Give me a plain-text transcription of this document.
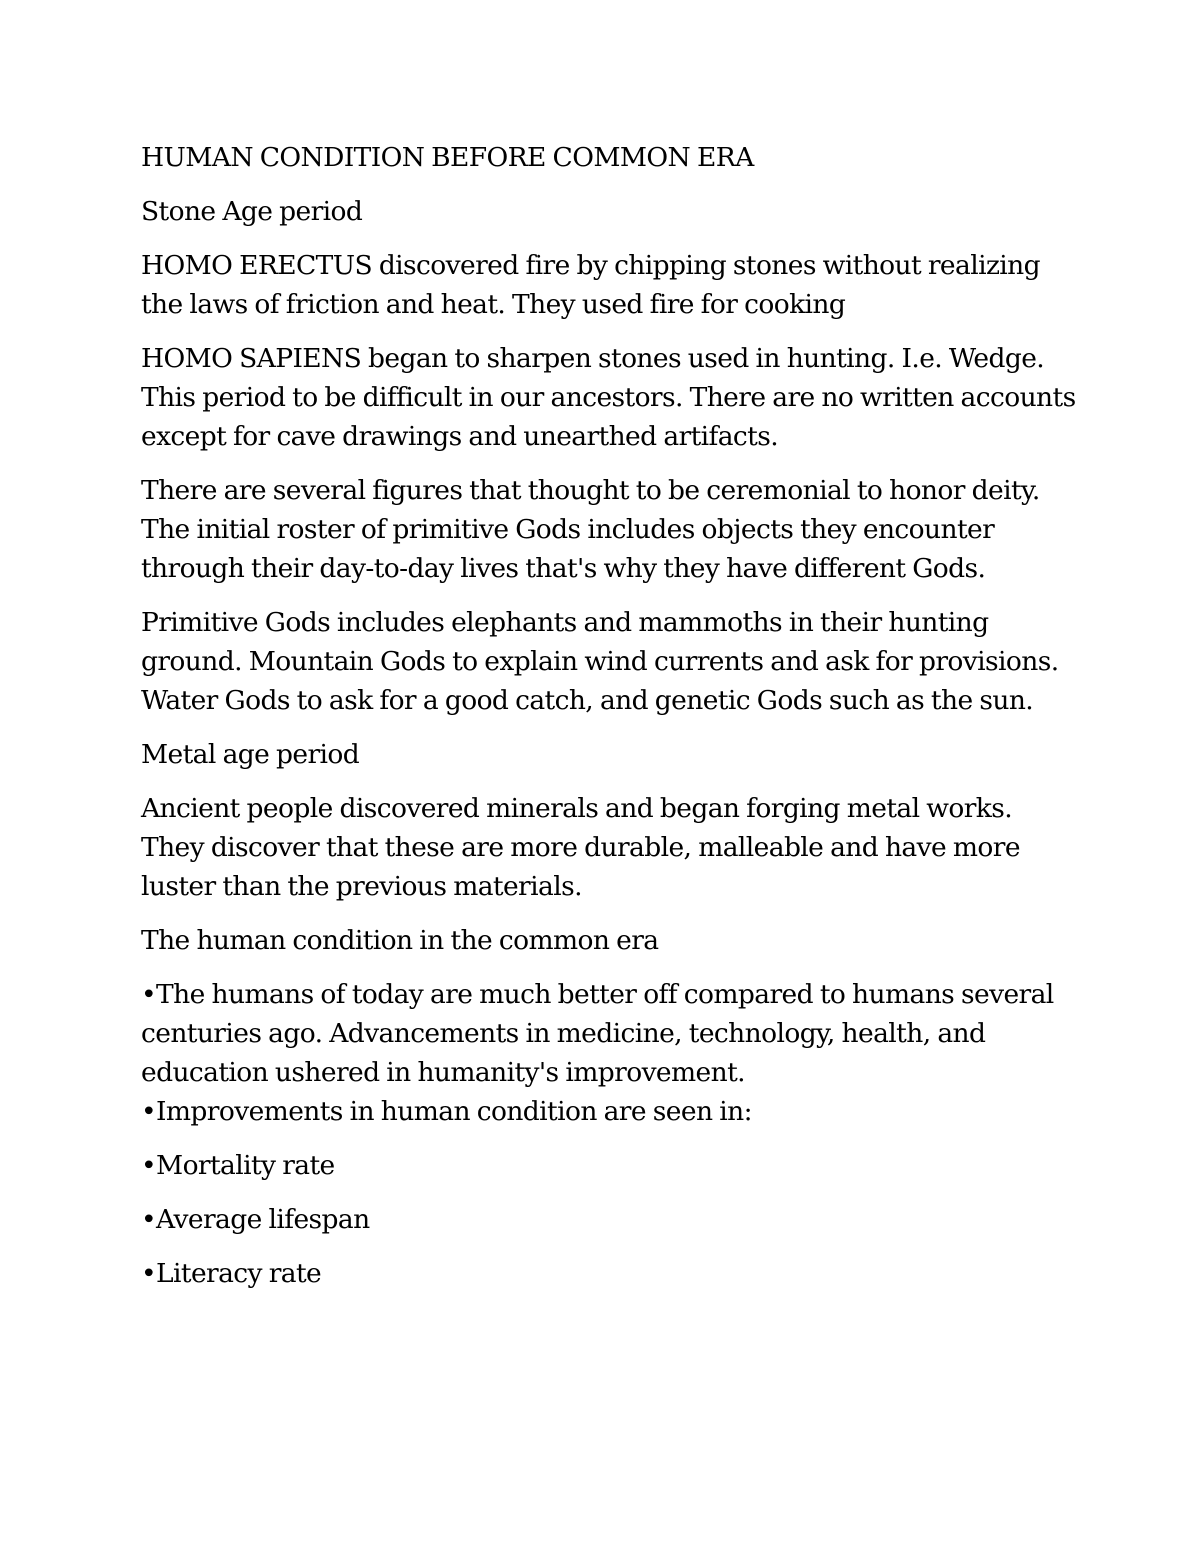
HUMAN CONDITION BEFORE COMMON ERA

Stone Age period

HOMO ERECTUS discovered fire by chipping stones without realizing the laws of friction and heat. They used fire for cooking

HOMO SAPIENS began to sharpen stones used in hunting. I.e. Wedge. This period to be difficult in our ancestors. There are no written accounts except for cave drawings and unearthed artifacts.

There are several figures that thought to be ceremonial to honor deity. The initial roster of primitive Gods includes objects they encounter through their day-to-day lives that's why they have different Gods.

Primitive Gods includes elephants and mammoths in their hunting ground. Mountain Gods to explain wind currents and ask for provisions. Water Gods to ask for a good catch, and genetic Gods such as the sun.

Metal age period

Ancient people discovered minerals and began forging metal works. They discover that these are more durable, malleable and have more luster than the previous materials.

The human condition in the common era

•The humans of today are much better off compared to humans several centuries ago. Advancements in medicine, technology, health, and education ushered in humanity's improvement.

•Improvements in human condition are seen in:

•Mortality rate

•Average lifespan

•Literacy rate
